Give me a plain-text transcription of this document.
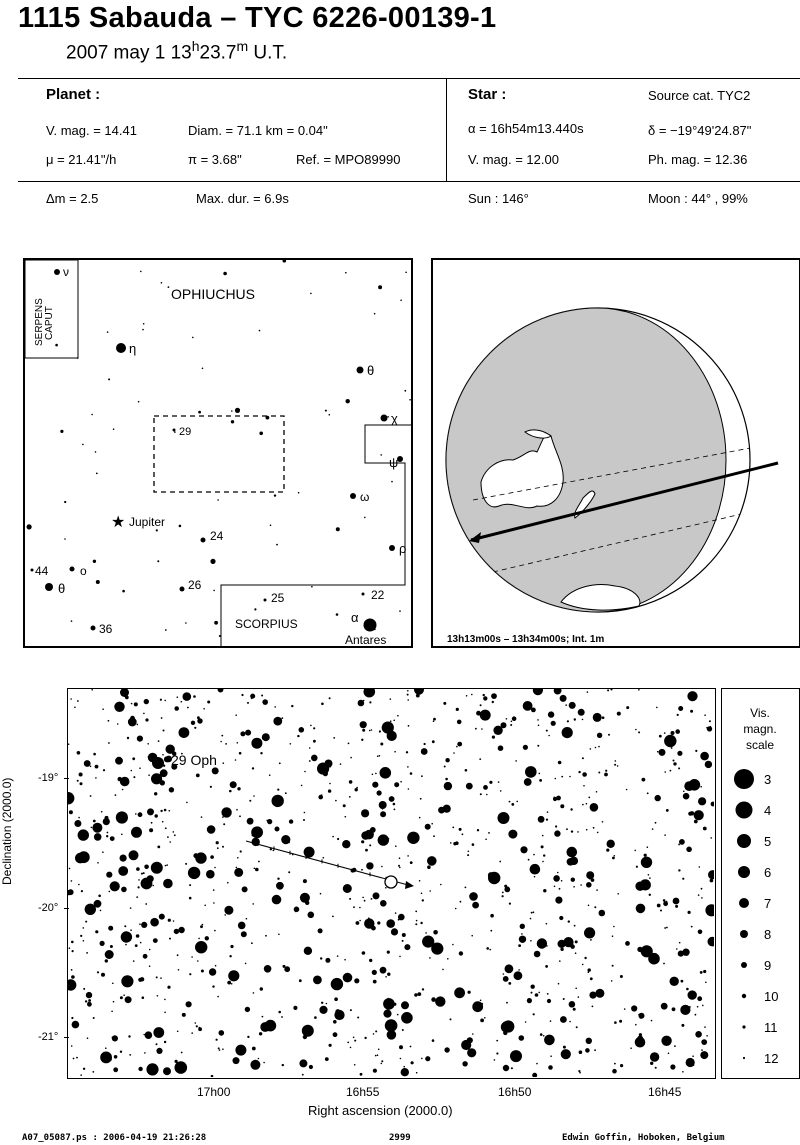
1115 Sabauda – TYC 6226-00139-1
2007 may 1 13$^h$23.7$^m$ U.T.
Planet :
V. mag. = 14.41	Diam. = 71.1 km = 0.04"
μ = 21.41"/h	π = 3.68"	Ref. = MPO89990
Star :	Source cat. TYC2
α = 16h54m13.440s	δ = −19°49'24.87"
V. mag. = 12.00	Ph. mag. = 12.36
Δm = 2.5	Max. dur. = 6.9s	Sun : 146°	Moon : 44° , 99%
SERPENS CAPUT
OPHIUCHUS
SCORPIUS
ν
η
θ
χ
ψ
ω
ρ
29
★ Jupiter
24
44	o
θ	26
25	22
36
α
Antares	13h13m00s – 13h34m00s; Int. 1m
29 Oph
Declination (2000.0) -19°
-20°
-21°
17h00	16h55	16h50	16h45
Right ascension (2000.0)
Vis.
magn.
scale
3
4
5
6
7
8
9
10
11
12
A07_05087.ps : 2006-04-19 21:26:28	2999	Edwin Goffin, Hoboken, Belgium
